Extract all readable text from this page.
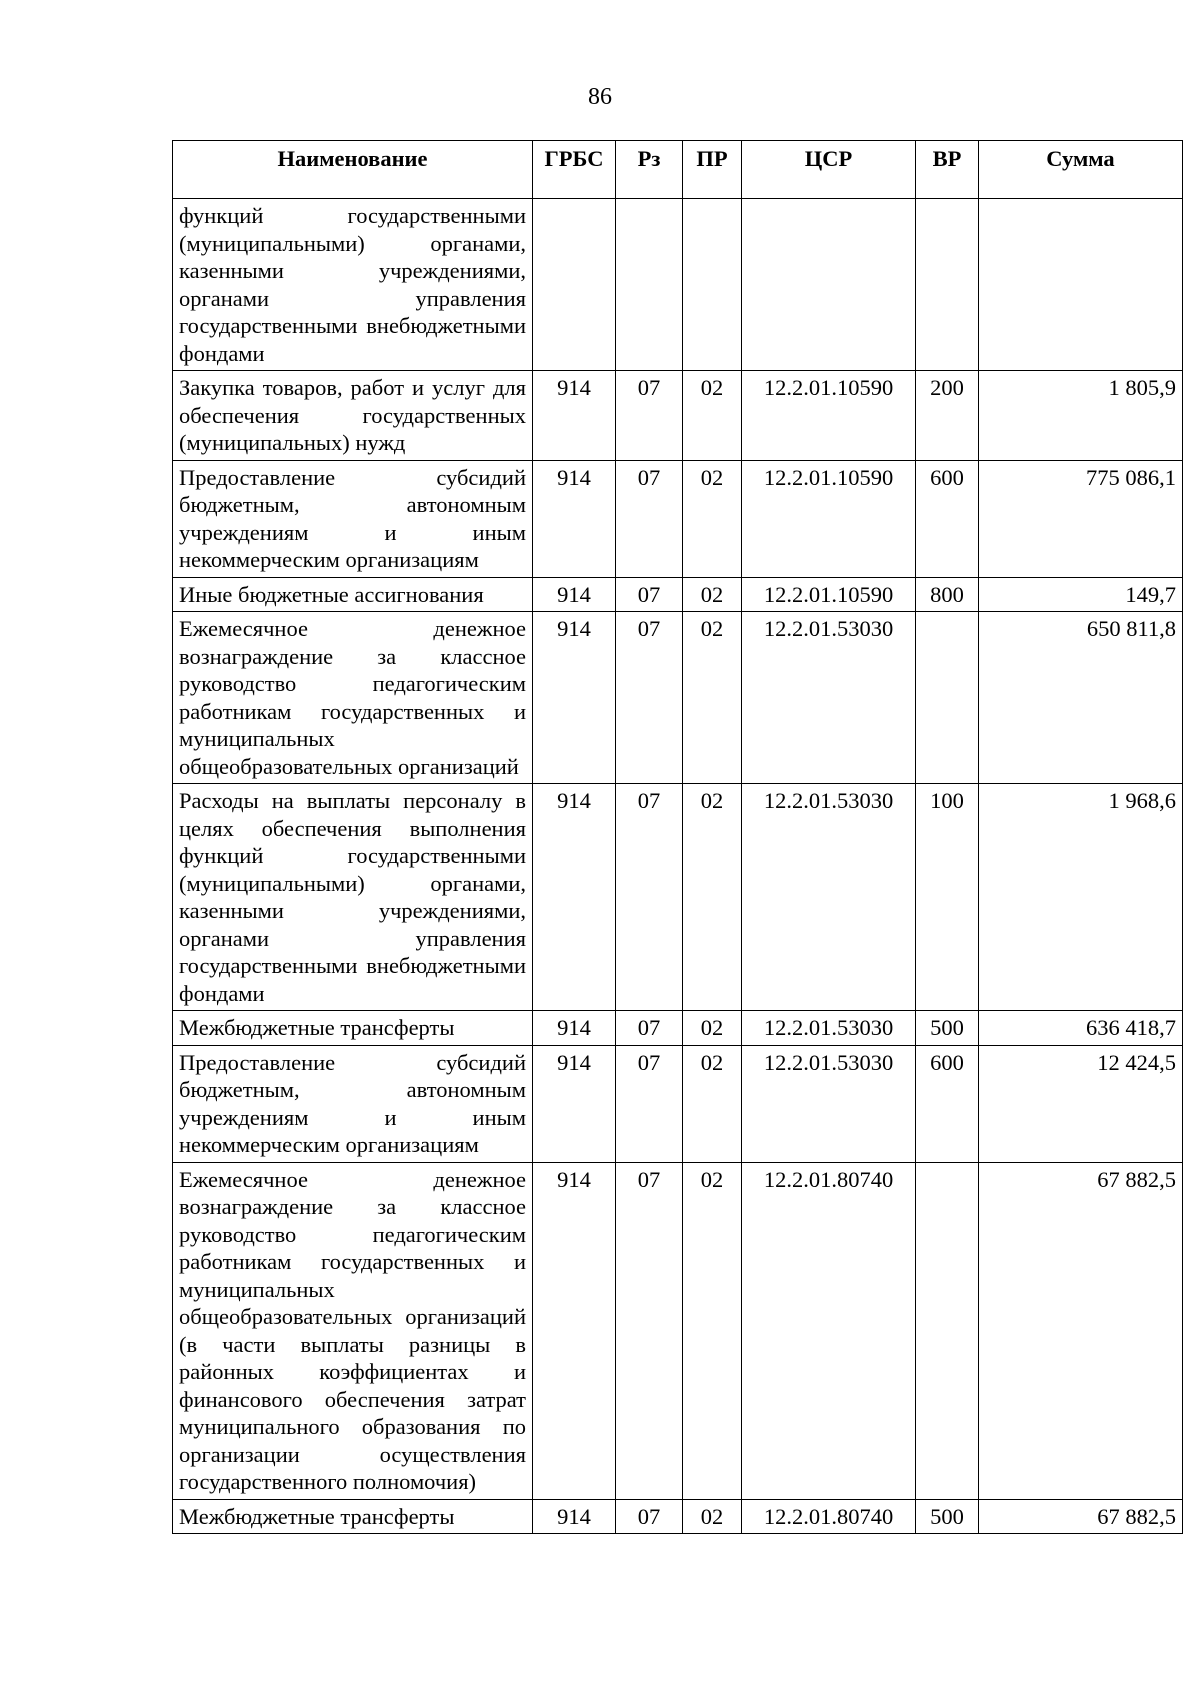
86
Наименование	ГРБС	Рз	ПР	ЦСР	ВР	Сумма
функций государственными (муниципальными) органами, казенными учреждениями, органами управления государственными внебюджетными фондами						
Закупка товаров, работ и услуг для обеспечения государственных (муниципальных) нужд	914	07	02	12.2.01.10590	200	1 805,9
Предоставление субсидий бюджетным, автономным учреждениям и иным некоммерческим организациям	914	07	02	12.2.01.10590	600	775 086,1
Иные бюджетные ассигнования	914	07	02	12.2.01.10590	800	149,7
Ежемесячное денежное вознаграждение за классное руководство педагогическим работникам государственных и муниципальных общеобразовательных организаций	914	07	02	12.2.01.53030		650 811,8
Расходы на выплаты персоналу в целях обеспечения выполнения функций государственными (муниципальными) органами, казенными учреждениями, органами управления государственными внебюджетными фондами	914	07	02	12.2.01.53030	100	1 968,6
Межбюджетные трансферты	914	07	02	12.2.01.53030	500	636 418,7
Предоставление субсидий бюджетным, автономным учреждениям и иным некоммерческим организациям	914	07	02	12.2.01.53030	600	12 424,5
Ежемесячное денежное вознаграждение за классное руководство педагогическим работникам государственных и муниципальных общеобразовательных организаций (в части выплаты разницы в районных коэффициентах и финансового обеспечения затрат муниципального образования по организации осуществления государственного полномочия)	914	07	02	12.2.01.80740		67 882,5
Межбюджетные трансферты	914	07	02	12.2.01.80740	500	67 882,5
